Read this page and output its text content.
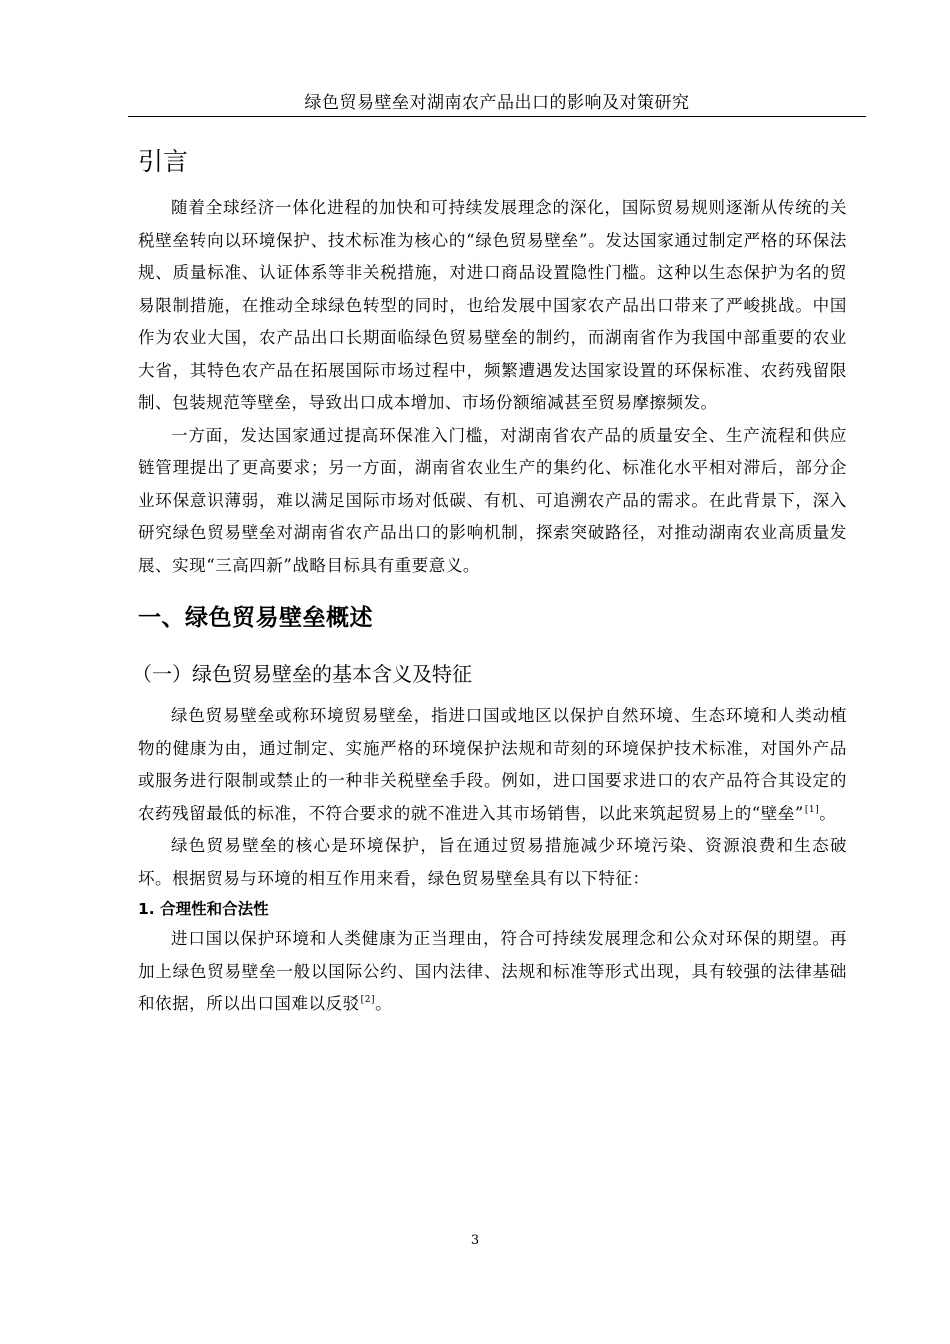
绿色贸易壁垒对湖南农产品出口的影响及对策研究
引言

随着全球经济一体化进程的加快和可持续发展理念的深化，国际贸易规则逐渐从传统的关税壁垒转向以环境保护、技术标准为核心的“绿色贸易壁垒”。发达国家通过制定严格的环保法规、质量标准、认证体系等非关税措施，对进口商品设置隐性门槛。这种以生态保护为名的贸易限制措施，在推动全球绿色转型的同时，也给发展中国家农产品出口带来了严峻挑战。中国作为农业大国，农产品出口长期面临绿色贸易壁垒的制约，而湖南省作为我国中部重要的农业大省，其特色农产品在拓展国际市场过程中，频繁遭遇发达国家设置的环保标准、农药残留限制、包装规范等壁垒，导致出口成本增加、市场份额缩减甚至贸易摩擦频发。

一方面，发达国家通过提高环保准入门槛，对湖南省农产品的质量安全、生产流程和供应链管理提出了更高要求；另一方面，湖南省农业生产的集约化、标准化水平相对滞后，部分企业环保意识薄弱，难以满足国际市场对低碳、有机、可追溯农产品的需求。在此背景下，深入研究绿色贸易壁垒对湖南省农产品出口的影响机制，探索突破路径，对推动湖南农业高质量发展、实现“三高四新”战略目标具有重要意义。

一、绿色贸易壁垒概述
（一）绿色贸易壁垒的基本含义及特征

绿色贸易壁垒或称环境贸易壁垒，指进口国或地区以保护自然环境、生态环境和人类动植物的健康为由，通过制定、实施严格的环境保护法规和苛刻的环境保护技术标准，对国外产品或服务进行限制或禁止的一种非关税壁垒手段。例如，进口国要求进口的农产品符合其设定的农药残留最低的标准，不符合要求的就不准进入其市场销售，以此来筑起贸易上的“壁垒”[1]。

绿色贸易壁垒的核心是环境保护，旨在通过贸易措施减少环境污染、资源浪费和生态破坏。根据贸易与环境的相互作用来看，绿色贸易壁垒具有以下特征：

1. 合理性和合法性

进口国以保护环境和人类健康为正当理由，符合可持续发展理念和公众对环保的期望。再加上绿色贸易壁垒一般以国际公约、国内法律、法规和标准等形式出现，具有较强的法律基础和依据，所以出口国难以反驳[2]。

3
